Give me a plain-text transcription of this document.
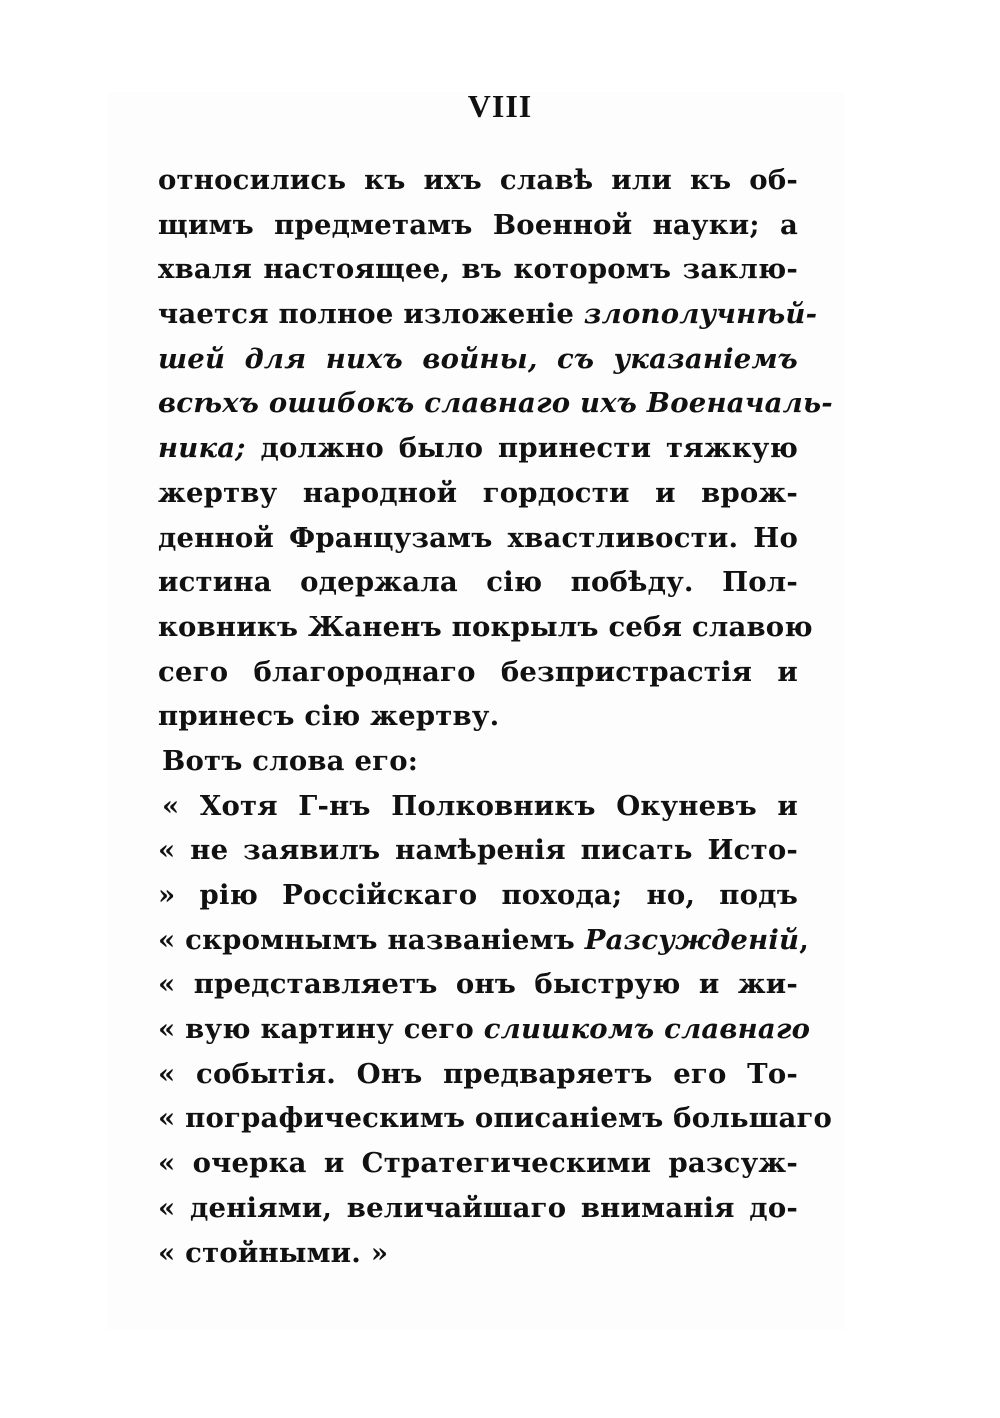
VIII
относились къ ихъ славѣ или къ об-
щимъ предметамъ Военной науки; а
хваля настоящее, въ которомъ заклю-
чается полное изложеніе злополучнѣй-
шей для нихъ войны, съ указаніемъ
всѣхъ ошибокъ славнаго ихъ Военачаль-
ника; должно было принести тяжкую
жертву народной гордости и врож-
денной Французамъ хвастливости. Но
истина одержала сію побѣду. Пол-
ковникъ Жаненъ покрылъ себя славою
сего благороднаго безпристрастія и
принесъ сію жертву.
Вотъ слова его:
« Хотя Г-нъ Полковникъ Окуневъ и
« не заявилъ намѣренія писать Исто-
» рію Россійскаго похода; но, подъ
« скромнымъ названіемъ Разсужденій,
« представляетъ онъ быструю и жи-
« вую картину сего слишкомъ славнаго
« событія. Онъ предваряетъ его То-
« пографическимъ описаніемъ большаго
« очерка и Стратегическими разсуж-
« деніями, величайшаго вниманія до-
« стойными. »
